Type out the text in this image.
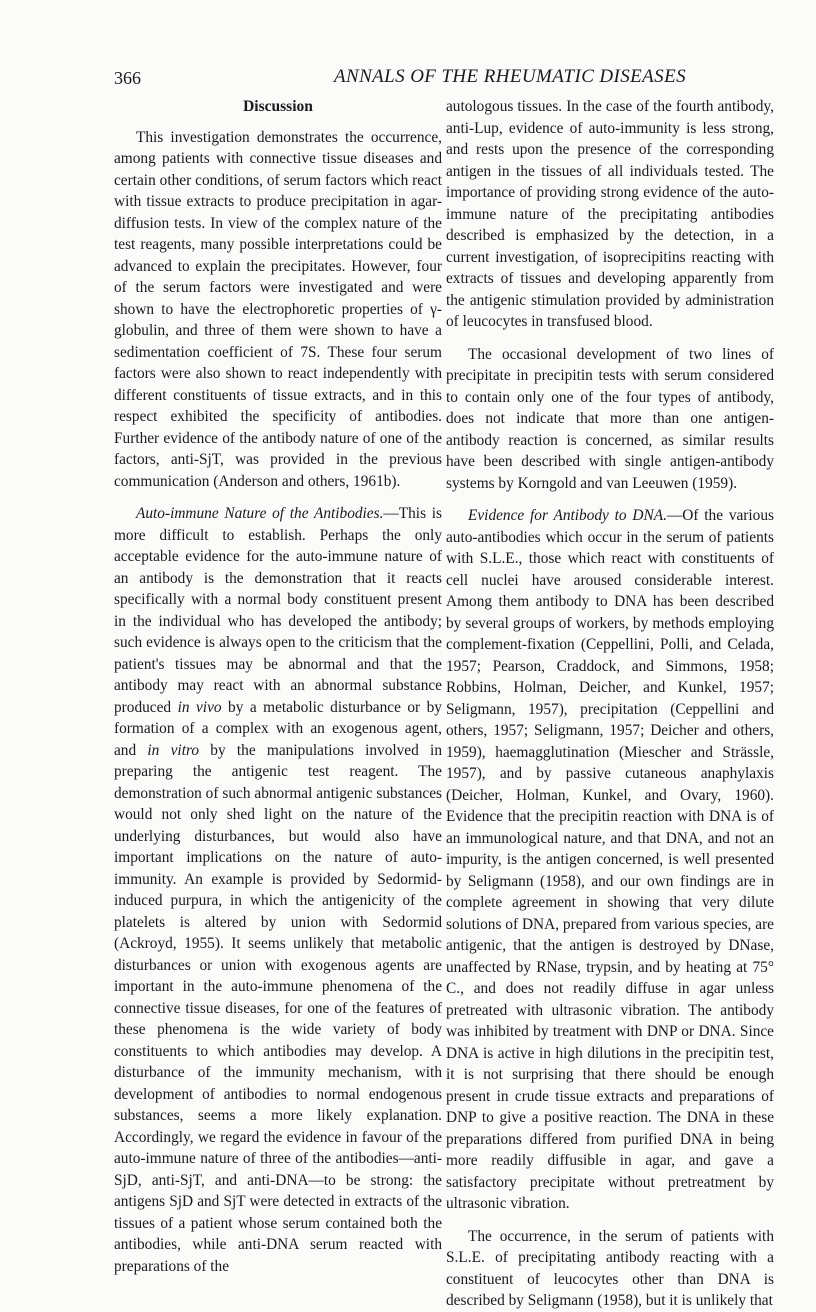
366	ANNALS OF THE RHEUMATIC DISEASES
Discussion

This investigation demonstrates the occurrence, among patients with connective tissue diseases and certain other conditions, of serum factors which react with tissue extracts to produce precipitation in agar-diffusion tests. In view of the complex nature of the test reagents, many possible interpretations could be advanced to explain the precipitates. However, four of the serum factors were investigated and were shown to have the electrophoretic properties of γ-globulin, and three of them were shown to have a sedimentation coefficient of 7S. These four serum factors were also shown to react independently with different constituents of tissue extracts, and in this respect exhibited the specificity of antibodies. Further evidence of the antibody nature of one of the factors, anti-SjT, was provided in the previous communication (Anderson and others, 1961b).

Auto-immune Nature of the Antibodies.—This is more difficult to establish. Perhaps the only acceptable evidence for the auto-immune nature of an antibody is the demonstration that it reacts specifically with a normal body constituent present in the individual who has developed the antibody; such evidence is always open to the criticism that the patient's tissues may be abnormal and that the antibody may react with an abnormal substance produced in vivo by a metabolic disturbance or by formation of a complex with an exogenous agent, and in vitro by the manipulations involved in preparing the antigenic test reagent. The demonstration of such abnormal antigenic substances would not only shed light on the nature of the underlying disturbances, but would also have important implications on the nature of auto-immunity. An example is provided by Sedormid-induced purpura, in which the antigenicity of the platelets is altered by union with Sedormid (Ackroyd, 1955). It seems unlikely that metabolic disturbances or union with exogenous agents are important in the auto-immune phenomena of the connective tissue diseases, for one of the features of these phenomena is the wide variety of body constituents to which antibodies may develop. A disturbance of the immunity mechanism, with development of antibodies to normal endogenous substances, seems a more likely explanation. Accordingly, we regard the evidence in favour of the auto-immune nature of three of the antibodies—anti-SjD, anti-SjT, and anti-DNA—to be strong: the antigens SjD and SjT were detected in extracts of the tissues of a patient whose serum contained both the antibodies, while anti-DNA serum reacted with preparations of the

autologous tissues. In the case of the fourth antibody, anti-Lup, evidence of auto-immunity is less strong, and rests upon the presence of the corresponding antigen in the tissues of all individuals tested. The importance of providing strong evidence of the auto-immune nature of the precipitating antibodies described is emphasized by the detection, in a current investigation, of isoprecipitins reacting with extracts of tissues and developing apparently from the antigenic stimulation provided by administration of leucocytes in transfused blood.

The occasional development of two lines of precipitate in precipitin tests with serum considered to contain only one of the four types of antibody, does not indicate that more than one antigen-antibody reaction is concerned, as similar results have been described with single antigen-antibody systems by Korngold and van Leeuwen (1959).

Evidence for Antibody to DNA.—Of the various auto-antibodies which occur in the serum of patients with S.L.E., those which react with constituents of cell nuclei have aroused considerable interest. Among them antibody to DNA has been described by several groups of workers, by methods employing complement-fixation (Ceppellini, Polli, and Celada, 1957; Pearson, Craddock, and Simmons, 1958; Robbins, Holman, Deicher, and Kunkel, 1957; Seligmann, 1957), precipitation (Ceppellini and others, 1957; Seligmann, 1957; Deicher and others, 1959), haemagglutination (Miescher and Strässle, 1957), and by passive cutaneous anaphylaxis (Deicher, Holman, Kunkel, and Ovary, 1960). Evidence that the precipitin reaction with DNA is of an immunological nature, and that DNA, and not an impurity, is the antigen concerned, is well presented by Seligmann (1958), and our own findings are in complete agreement in showing that very dilute solutions of DNA, prepared from various species, are antigenic, that the antigen is destroyed by DNase, unaffected by RNase, trypsin, and by heating at 75° C., and does not readily diffuse in agar unless pretreated with ultrasonic vibration. The antibody was inhibited by treatment with DNP or DNA. Since DNA is active in high dilutions in the precipitin test, it is not surprising that there should be enough present in crude tissue extracts and preparations of DNP to give a positive reaction. The DNA in these preparations differed from purified DNA in being more readily diffusible in agar, and gave a satisfactory precipitate without pretreatment by ultrasonic vibration.

The occurrence, in the serum of patients with S.L.E. of precipitating antibody reacting with a constituent of leucocytes other than DNA is described by Seligmann (1958), but it is unlikely that
